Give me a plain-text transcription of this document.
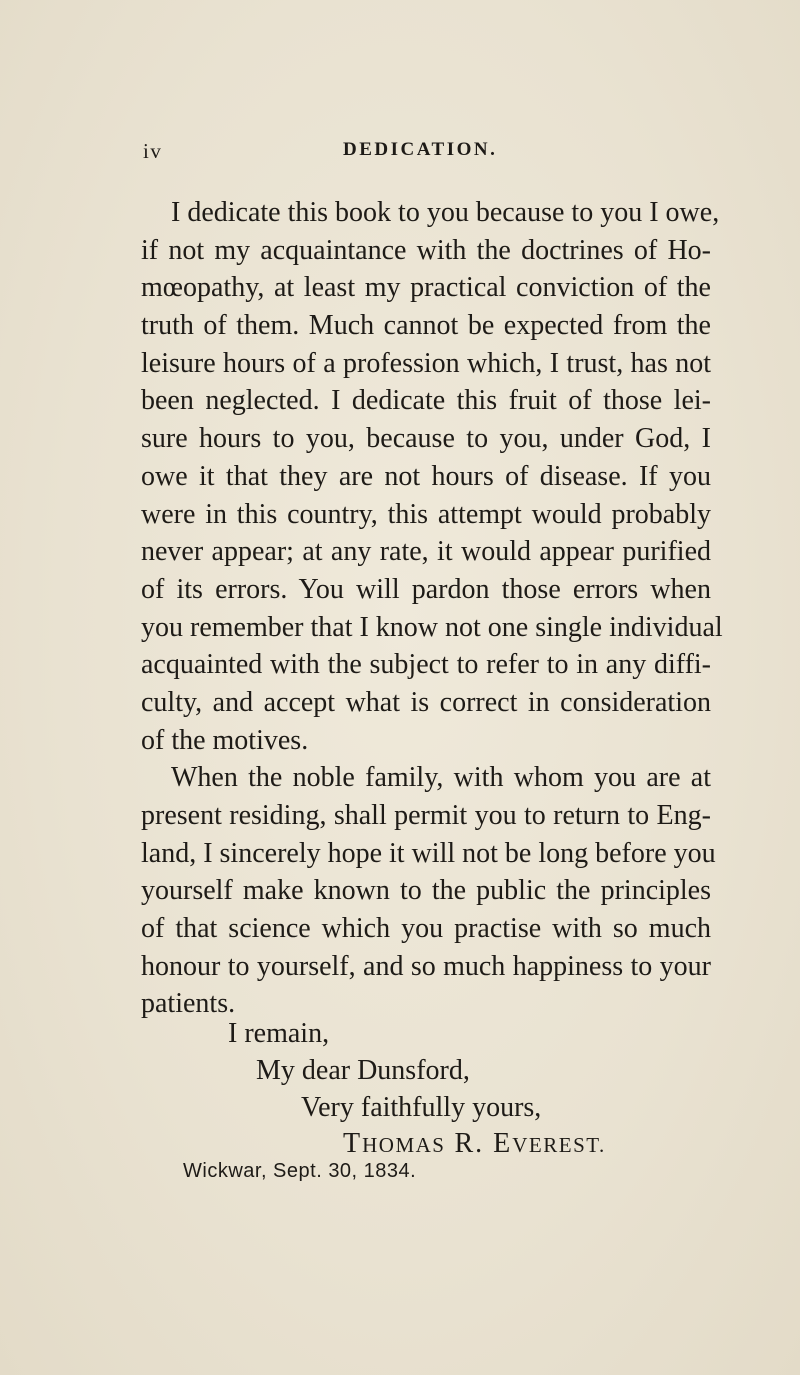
iv	DEDICATION.
I dedicate this book to you because to you I owe,
if not my acquaintance with the doctrines of Ho-
mœopathy, at least my practical conviction of the
truth of them. Much cannot be expected from the
leisure hours of a profession which, I trust, has not
been neglected. I dedicate this fruit of those lei-
sure hours to you, because to you, under God, I
owe it that they are not hours of disease. If you
were in this country, this attempt would probably
never appear; at any rate, it would appear purified
of its errors. You will pardon those errors when
you remember that I know not one single individual
acquainted with the subject to refer to in any diffi-
culty, and accept what is correct in consideration
of the motives.
When the noble family, with whom you are at
present residing, shall permit you to return to Eng-
land, I sincerely hope it will not be long before you
yourself make known to the public the principles
of that science which you practise with so much
honour to yourself, and so much happiness to your
patients.
I remain,
My dear Dunsford,
Very faithfully yours,
THOMAS R. EVEREST.
Wickwar, Sept. 30, 1834.
